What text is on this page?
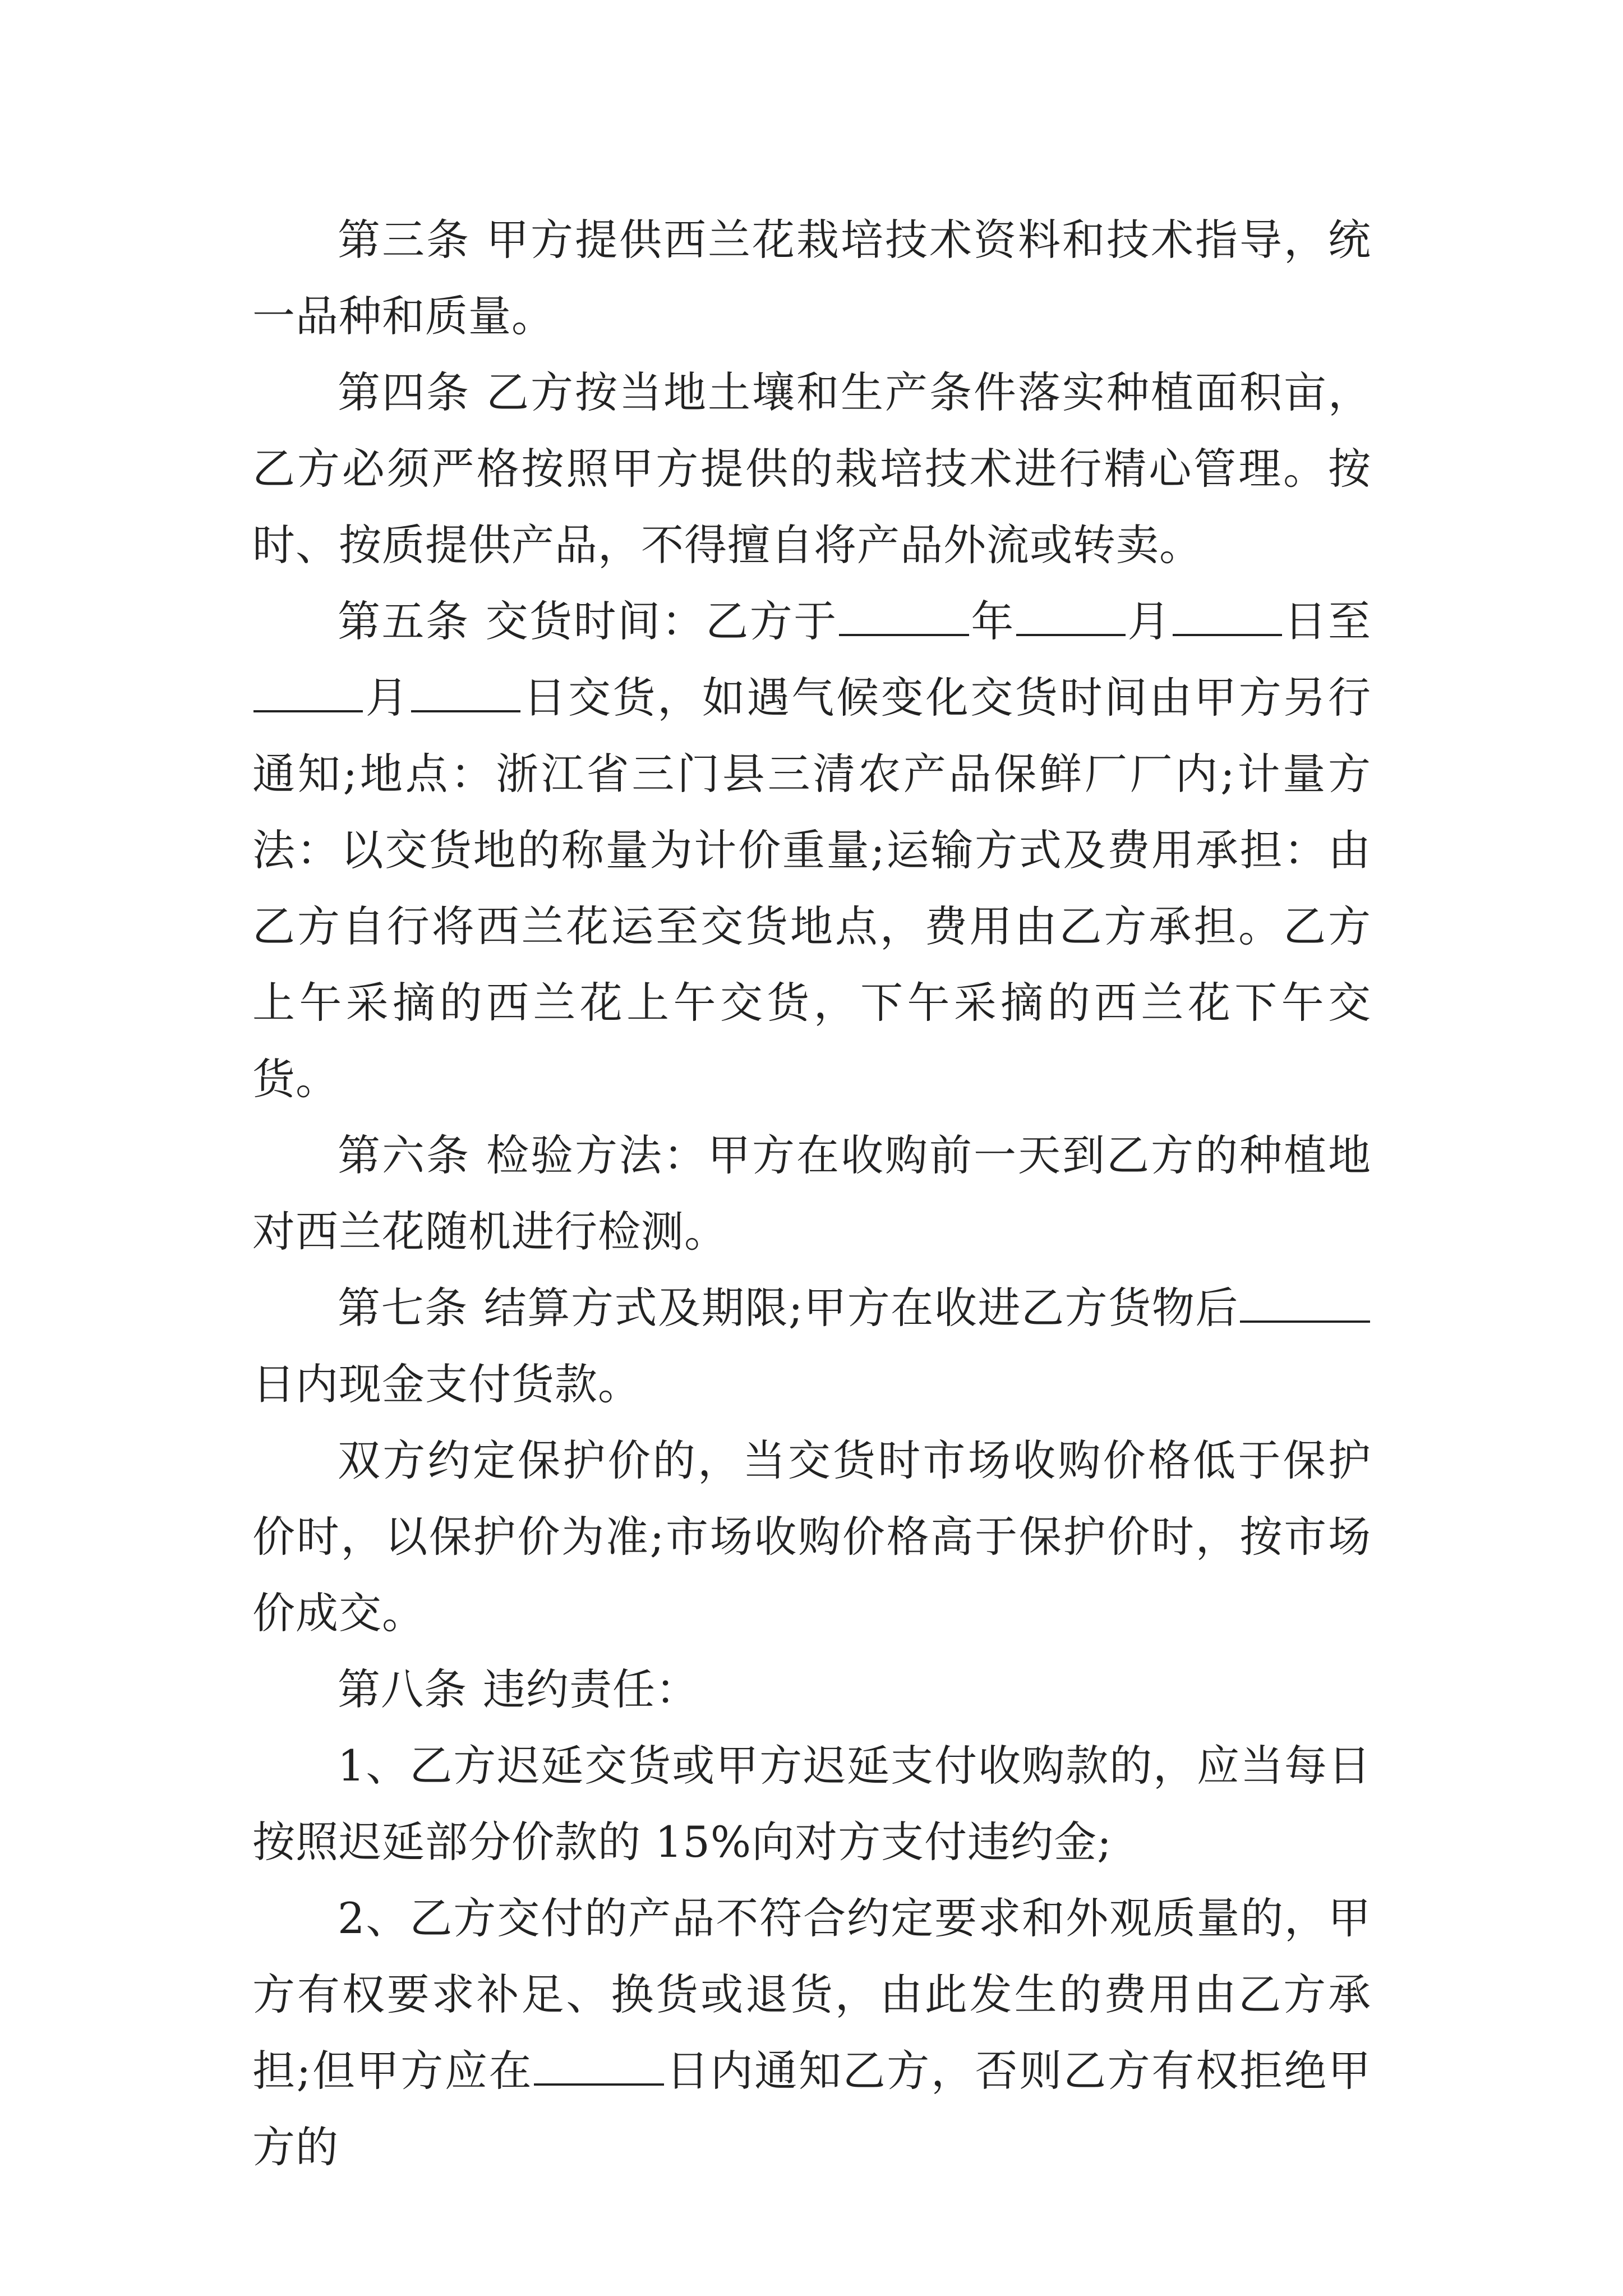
第三条 甲方提供西兰花栽培技术资料和技术指导，统一品种和质量。

第四条 乙方按当地土壤和生产条件落实种植面积亩，乙方必须严格按照甲方提供的栽培技术进行精心管理。按时、按质提供产品，不得擅自将产品外流或转卖。

第五条 交货时间：乙方于	年	月	日至月	日交货，如遇气候变化交货时间由甲方另行通知;地点：浙江省三门县三清农产品保鲜厂厂内;计量方法：以交货地的称量为计价重量;运输方式及费用承担：由乙方自行将西兰花运至交货地点，费用由乙方承担。乙方上午采摘的西兰花上午交货，下午采摘的西兰花下午交货。

第六条 检验方法：甲方在收购前一天到乙方的种植地对西兰花随机进行检测。

第七条 结算方式及期限;甲方在收进乙方货物后日内现金支付货款。

双方约定保护价的，当交货时市场收购价格低于保护价时，以保护价为准;市场收购价格高于保护价时，按市场价成交。

第八条 违约责任：

1、乙方迟延交货或甲方迟延支付收购款的，应当每日按照迟延部分价款的 15%向对方支付违约金;

2、乙方交付的产品不符合约定要求和外观质量的，甲方有权要求补足、换货或退货，由此发生的费用由乙方承担;但甲方应在	日内通知乙方，否则乙方有权拒绝甲方的
